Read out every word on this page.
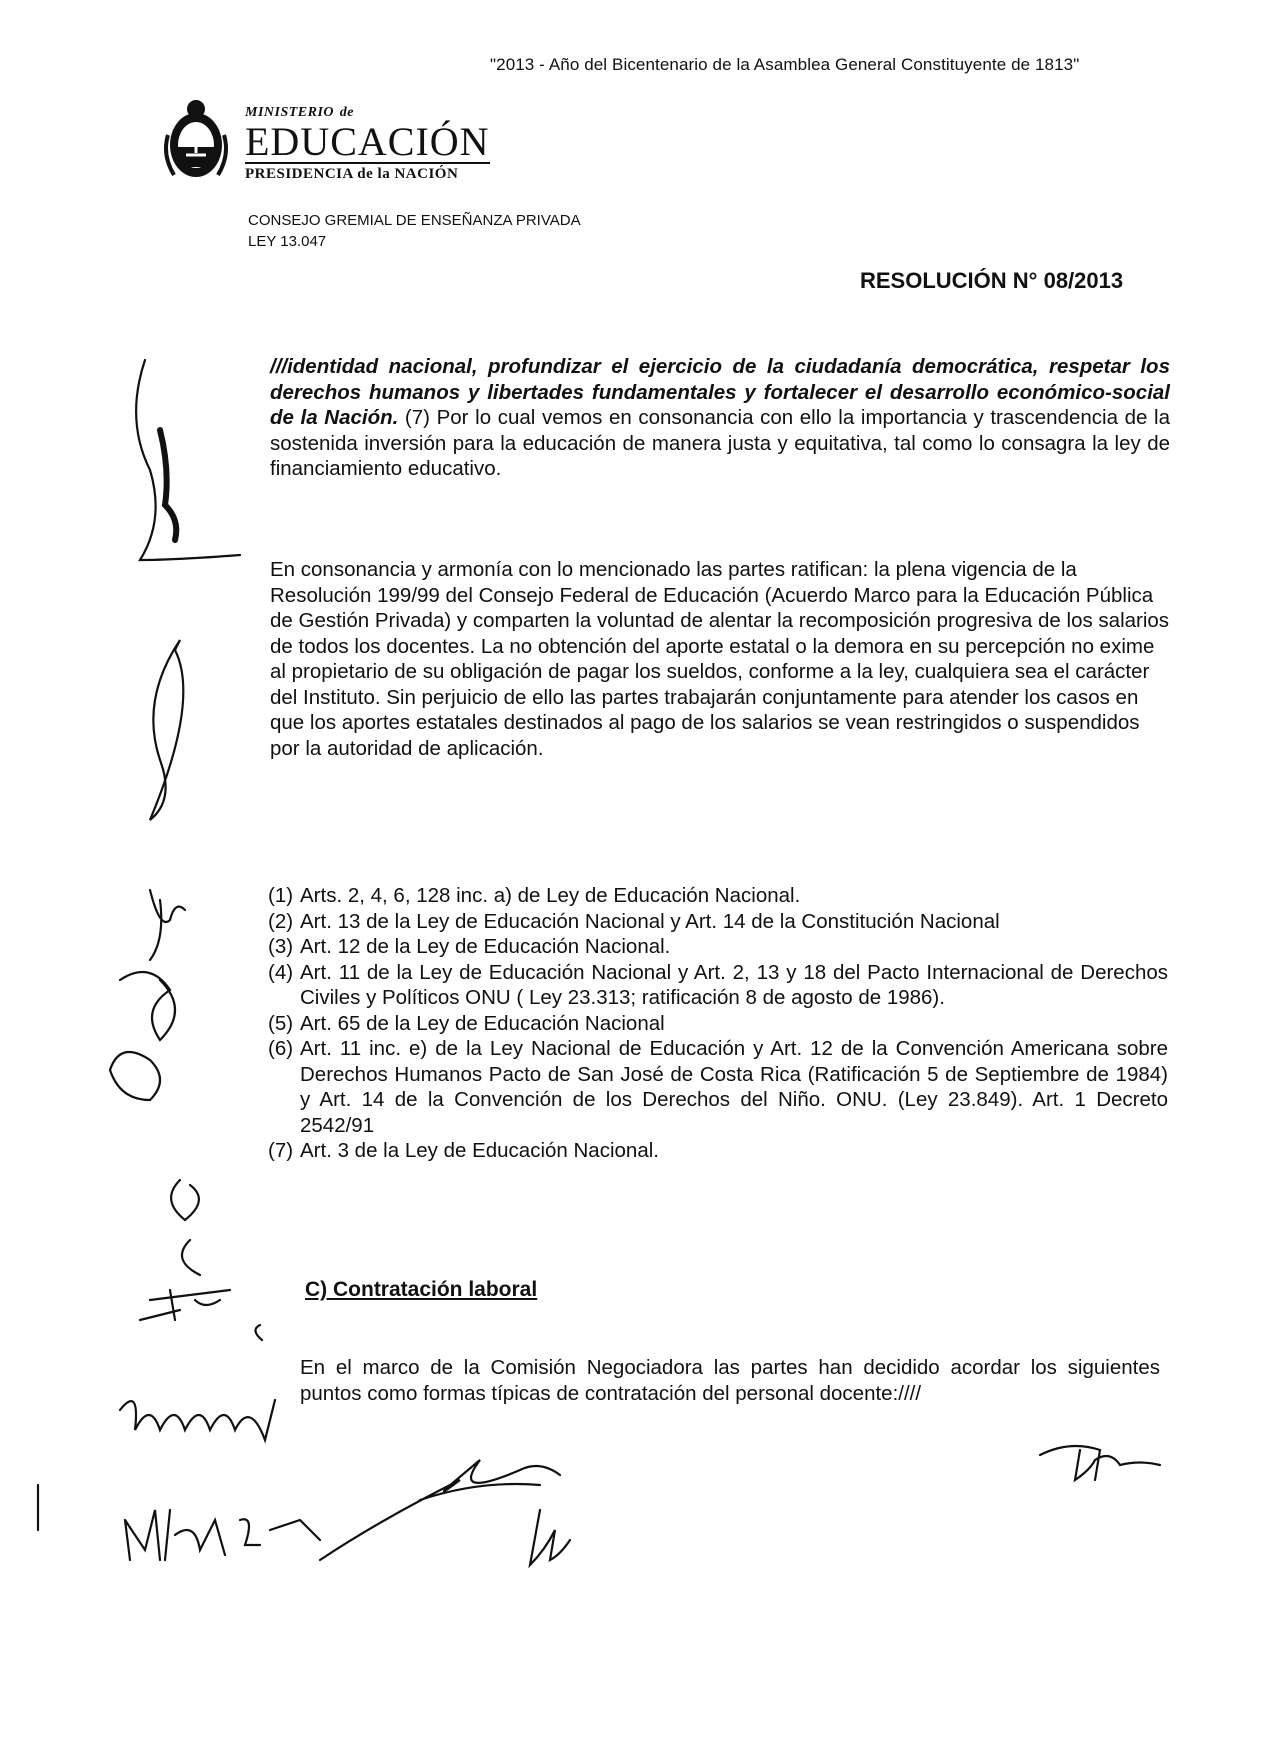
"2013 - Año del Bicentenario de la Asamblea General Constituyente de 1813"
MINISTERIO de
EDUCACIÓN
PRESIDENCIA de la NACIÓN
CONSEJO GREMIAL DE ENSEÑANZA PRIVADA
LEY 13.047
RESOLUCIÓN N° 08/2013

///identidad nacional, profundizar el ejercicio de la ciudadanía democrática, respetar los derechos humanos y libertades fundamentales y fortalecer el desarrollo económico-social de la Nación. (7) Por lo cual vemos en consonancia con ello la importancia y trascendencia de la sostenida inversión para la educación de manera justa y equitativa, tal como lo consagra la ley de financiamiento educativo.

En consonancia y armonía con lo mencionado las partes ratifican: la plena vigencia de la Resolución 199/99 del Consejo Federal de Educación (Acuerdo Marco para la Educación Pública de Gestión Privada) y comparten la voluntad de alentar la recomposición progresiva de los salarios de todos los docentes. La no obtención del aporte estatal o la demora en su percepción no exime al propietario de su obligación de pagar los sueldos, conforme a la ley, cualquiera sea el carácter del Instituto. Sin perjuicio de ello las partes trabajarán conjuntamente para atender los casos en que los aportes estatales destinados al pago de los salarios se vean restringidos o suspendidos por la autoridad de aplicación.

(1) Arts. 2, 4, 6, 128 inc. a) de Ley de Educación Nacional.
(2) Art. 13 de la Ley de Educación Nacional y Art. 14 de la Constitución Nacional
(3) Art. 12 de la Ley de Educación Nacional.
(4) Art. 11 de la Ley de Educación Nacional y Art. 2, 13 y 18 del Pacto Internacional de Derechos Civiles y Políticos ONU ( Ley 23.313; ratificación 8 de agosto de 1986).
(5) Art. 65 de la Ley de Educación Nacional
(6) Art. 11 inc. e) de la Ley Nacional de Educación y Art. 12 de la Convención Americana sobre Derechos Humanos Pacto de San José de Costa Rica (Ratificación 5 de Septiembre de 1984) y Art. 14 de la Convención de los Derechos del Niño. ONU. (Ley 23.849). Art. 1 Decreto 2542/91
(7) Art. 3 de la Ley de Educación Nacional.
C) Contratación laboral

En el marco de la Comisión Negociadora las partes han decidido acordar los siguientes puntos como formas típicas de contratación del personal docente:////
